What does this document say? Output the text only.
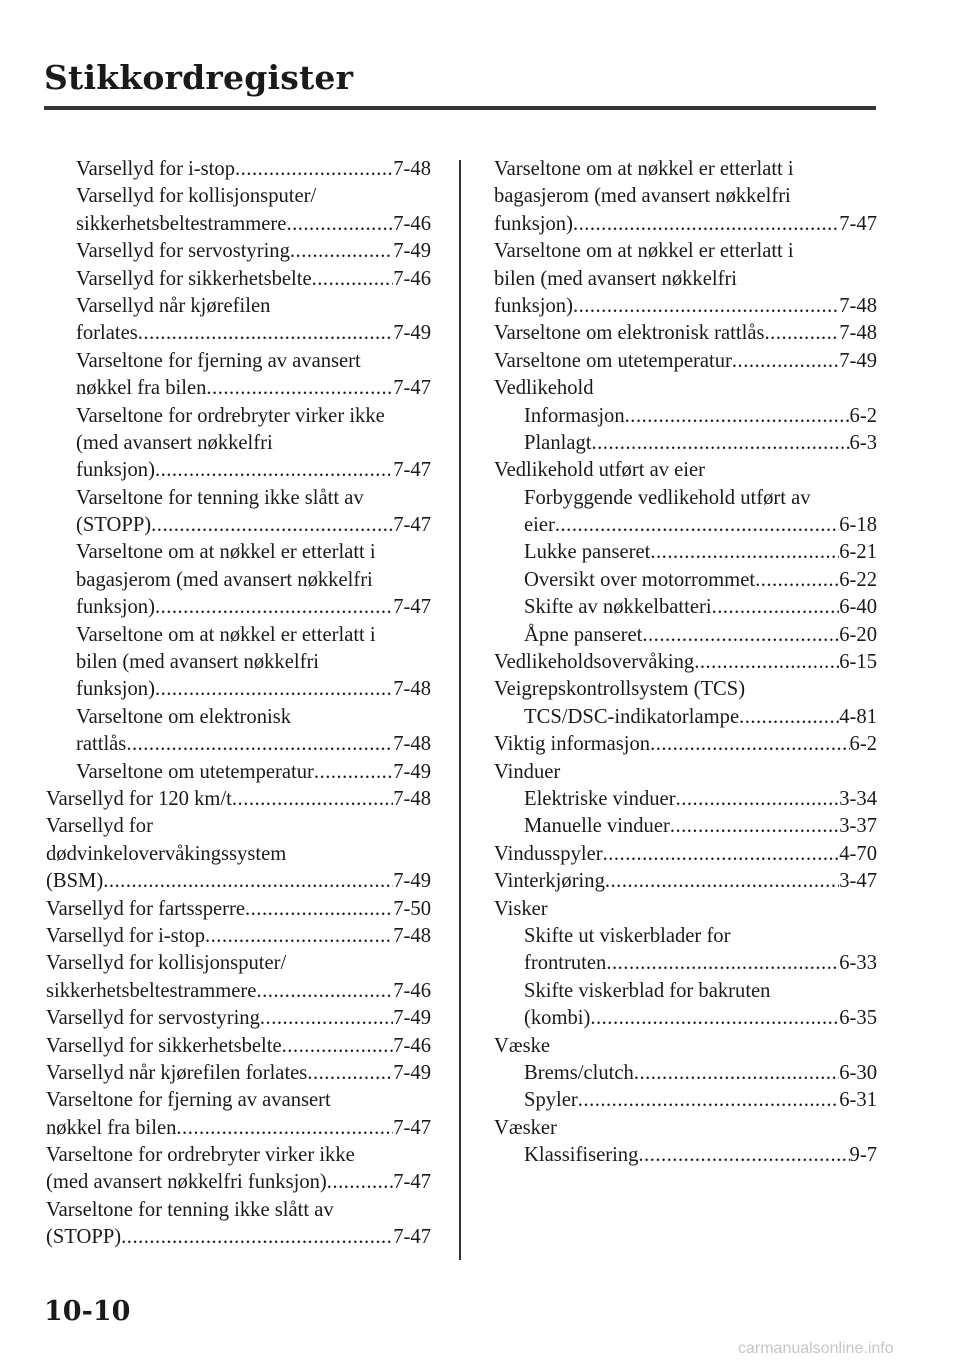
Stikkordregister
Varsellyd for i-stop .....	7-48
Varsellyd for kollisjonsputer/
sikkerhetsbeltestrammere .....	7-46
Varsellyd for servostyring .....	7-49
Varsellyd for sikkerhetsbelte .....	7-46
Varsellyd når kjørefilen
forlates .....	7-49
Varseltone for fjerning av avansert
nøkkel fra bilen .....	7-47
Varseltone for ordrebryter virker ikke
(med avansert nøkkelfri
funksjon) .....	7-47
Varseltone for tenning ikke slått av
(STOPP) .....	7-47
Varseltone om at nøkkel er etterlatt i
bagasjerom (med avansert nøkkelfri
funksjon) .....	7-47
Varseltone om at nøkkel er etterlatt i
bilen (med avansert nøkkelfri
funksjon) .....	7-48
Varseltone om elektronisk
rattlås .....	7-48
Varseltone om utetemperatur .....	7-49
Varsellyd for 120 km/t .....	7-48
Varsellyd for
dødvinkelovervåkingssystem
(BSM) .....	7-49
Varsellyd for fartssperre .....	7-50
Varsellyd for i-stop .....	7-48
Varsellyd for kollisjonsputer/
sikkerhetsbeltestrammere .....	7-46
Varsellyd for servostyring .....	7-49
Varsellyd for sikkerhetsbelte .....	7-46
Varsellyd når kjørefilen forlates .....	7-49
Varseltone for fjerning av avansert
nøkkel fra bilen .....	7-47
Varseltone for ordrebryter virker ikke
(med avansert nøkkelfri funksjon) .....	7-47
Varseltone for tenning ikke slått av
(STOPP) .....	7-47
Varseltone om at nøkkel er etterlatt i
bagasjerom (med avansert nøkkelfri
funksjon) .....	7-47
Varseltone om at nøkkel er etterlatt i
bilen (med avansert nøkkelfri
funksjon) .....	7-48
Varseltone om elektronisk rattlås .....	7-48
Varseltone om utetemperatur .....	7-49
Vedlikehold
Informasjon .....	6-2
Planlagt .....	6-3
Vedlikehold utført av eier
Forbyggende vedlikehold utført av
eier .....	6-18
Lukke panseret .....	6-21
Oversikt over motorrommet .....	6-22
Skifte av nøkkelbatteri .....	6-40
Åpne panseret .....	6-20
Vedlikeholdsovervåking .....	6-15
Veigrepskontrollsystem (TCS)
TCS/DSC-indikatorlampe .....	4-81
Viktig informasjon .....	6-2
Vinduer
Elektriske vinduer .....	3-34
Manuelle vinduer .....	3-37
Vindusspyler .....	4-70
Vinterkjøring .....	3-47
Visker
Skifte ut viskerblader for
frontruten .....	6-33
Skifte viskerblad for bakruten
(kombi) .....	6-35
Væske
Brems/clutch .....	6-30
Spyler .....	6-31
Væsker
Klassifisering .....	9-7
10-10
carmanualsonline.info
